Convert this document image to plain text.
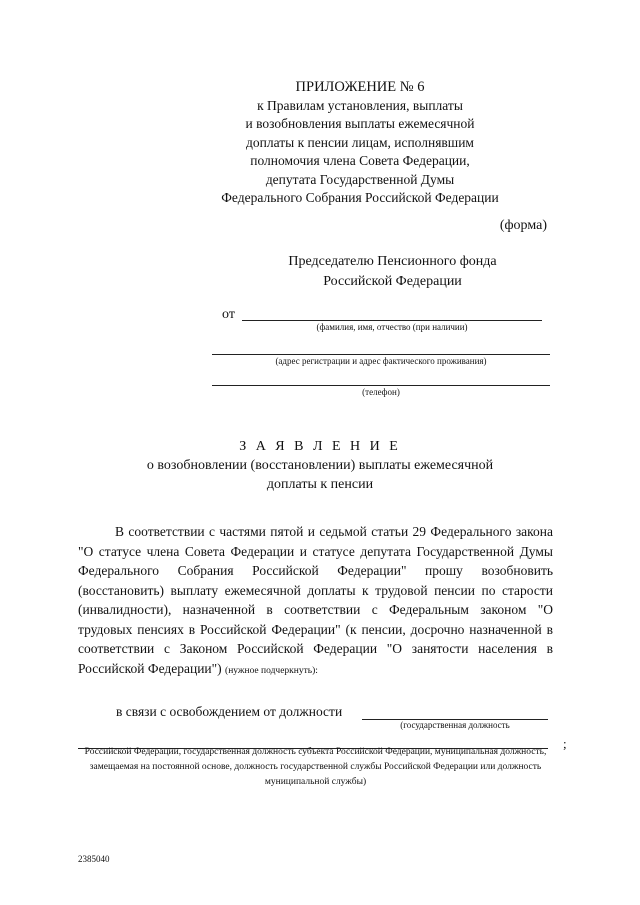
ПРИЛОЖЕНИЕ № 6
к Правилам установления, выплаты
и возобновления выплаты ежемесячной
доплаты к пенсии лицам, исполнявшим
полномочия члена Совета Федерации,
депутата Государственной Думы
Федерального Собрания Российской Федерации
(форма)
Председателю Пенсионного фонда
Российской Федерации
от
(фамилия, имя, отчество (при наличии)
(адрес регистрации и адрес фактического проживания)
(телефон)
З А Я В Л Е Н И Е
о возобновлении (восстановлении) выплаты ежемесячной
доплаты к пенсии
В соответствии с частями пятой и седьмой статьи 29 Федерального закона "О статусе члена Совета Федерации и статусе депутата Государственной Думы Федерального Собрания Российской Федерации" прошу возобновить (восстановить) выплату ежемесячной доплаты к трудовой пенсии по старости (инвалидности), назначенной в соответствии с Федеральным законом "О трудовых пенсиях в Российской Федерации" (к пенсии, досрочно назначенной в соответствии с Законом Российской Федерации "О занятости населения в Российской Федерации") (нужное подчеркнуть):
в связи с освобождением от должности
(государственная должность
;
Российской Федерации, государственная должность субъекта Российской Федерации, муниципальная должность, замещаемая на постоянной основе, должность государственной службы Российской Федерации или должность муниципальной службы)
2385040
